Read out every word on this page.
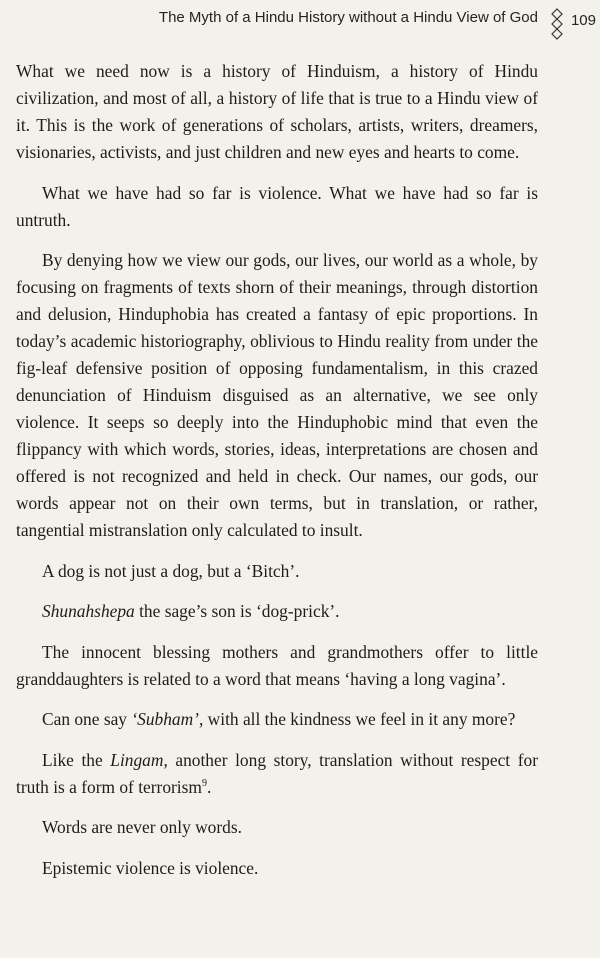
The Myth of a Hindu History without a Hindu View of God 109

What we need now is a history of Hinduism, a history of Hindu civilization, and most of all, a history of life that is true to a Hindu view of it. This is the work of generations of scholars, artists, writers, dreamers, visionaries, activists, and just children and new eyes and hearts to come.

What we have had so far is violence. What we have had so far is untruth.

By denying how we view our gods, our lives, our world as a whole, by focusing on fragments of texts shorn of their meanings, through distortion and delusion, Hinduphobia has created a fantasy of epic proportions. In today’s academic historiography, oblivious to Hindu reality from under the fig-leaf defensive position of opposing fundamentalism, in this crazed denunciation of Hinduism disguised as an alternative, we see only violence. It seeps so deeply into the Hinduphobic mind that even the flippancy with which words, stories, ideas, interpretations are chosen and offered is not recognized and held in check. Our names, our gods, our words appear not on their own terms, but in translation, or rather, tangential mistranslation only calculated to insult.

A dog is not just a dog, but a ‘Bitch’.

Shunahshepa the sage’s son is ‘dog-prick’.

The innocent blessing mothers and grandmothers offer to little granddaughters is related to a word that means ‘having a long vagina’.

Can one say ‘Subham’, with all the kindness we feel in it any more?

Like the Lingam, another long story, translation without respect for truth is a form of terrorism$^9$.

Words are never only words.

Epistemic violence is violence.
